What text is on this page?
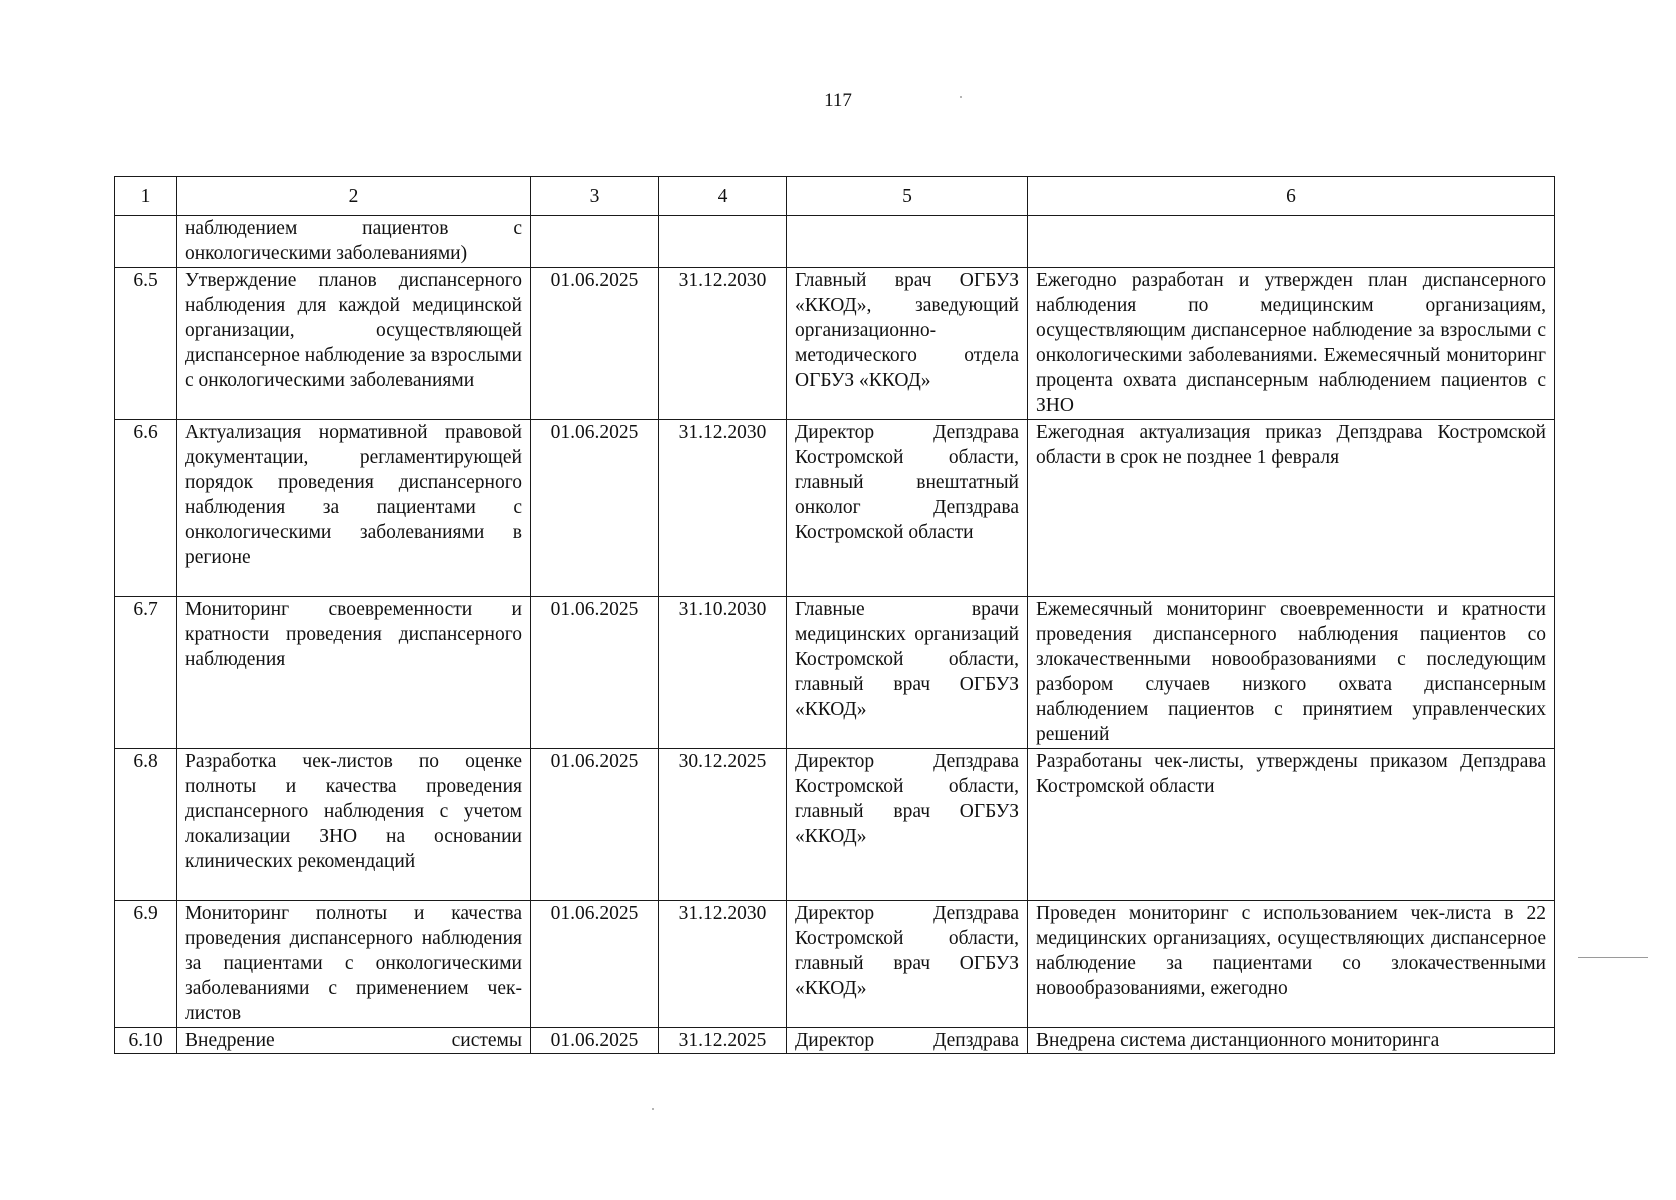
117
1	2	3	4	5	6
	наблюдением пациентов с онкологическими заболеваниями)				
6.5	Утверждение планов диспансерного наблюдения для каждой медицинской организации, осуществляющей диспансерное наблюдение за взрослыми с онкологическими заболеваниями	01.06.2025	31.12.2030	Главный врач ОГБУЗ «ККОД», заведующий организационно-методического отдела ОГБУЗ «ККОД»	Ежегодно разработан и утвержден план диспансерного наблюдения по медицинским организациям, осуществляющим диспансерное наблюдение за взрослыми с онкологическими заболеваниями. Ежемесячный мониторинг процента охвата диспансерным наблюдением пациентов с ЗНО
6.6	Актуализация нормативной правовой документации, регламентирующей порядок проведения диспансерного наблюдения за пациентами с онкологическими заболеваниями в регионе	01.06.2025	31.12.2030	Директор Депздрава Костромской области, главный внештатный онколог Депздрава Костромской области	Ежегодная актуализация приказ Депздрава Костромской области в срок не позднее 1 февраля
6.7	Мониторинг своевременности и кратности проведения диспансерного наблюдения	01.06.2025	31.10.2030	Главные врачи медицинских организаций Костромской области, главный врач ОГБУЗ «ККОД»	Ежемесячный мониторинг своевременности и кратности проведения диспансерного наблюдения пациентов со злокачественными новообразованиями с последующим разбором случаев низкого охвата диспансерным наблюдением пациентов с принятием управленческих решений
6.8	Разработка чек-листов по оценке полноты и качества проведения диспансерного наблюдения с учетом локализации ЗНО на основании клинических рекомендаций	01.06.2025	30.12.2025	Директор Депздрава Костромской области, главный врач ОГБУЗ «ККОД»	Разработаны чек-листы, утверждены приказом Депздрава Костромской области
6.9	Мониторинг полноты и качества проведения диспансерного наблюдения за пациентами с онкологическими заболеваниями с применением чек-листов	01.06.2025	31.12.2030	Директор Депздрава Костромской области, главный врач ОГБУЗ «ККОД»	Проведен мониторинг с использованием чек-листа в 22 медицинских организациях, осуществляющих диспансерное наблюдение за пациентами со злокачественными новообразованиями, ежегодно
6.10	Внедрение системы	01.06.2025	31.12.2025	Директор Депздрава	Внедрена система дистанционного мониторинга
